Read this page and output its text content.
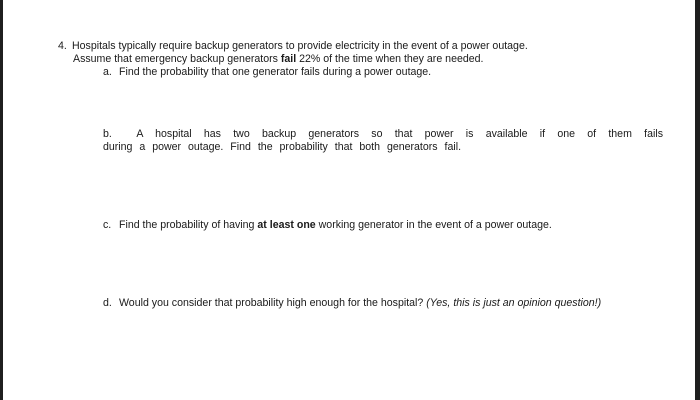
4. Hospitals typically require backup generators to provide electricity in the event of a power outage.
Assume that emergency backup generators fail 22% of the time when they are needed.
a. Find the probability that one generator fails during a power outage.
b. A hospital has two backup generators so that power is available if one of them fails
during a power outage. Find the probability that both generators fail.
c. Find the probability of having at least one working generator in the event of a power outage.
d. Would you consider that probability high enough for the hospital? (Yes, this is just an opinion question!)
